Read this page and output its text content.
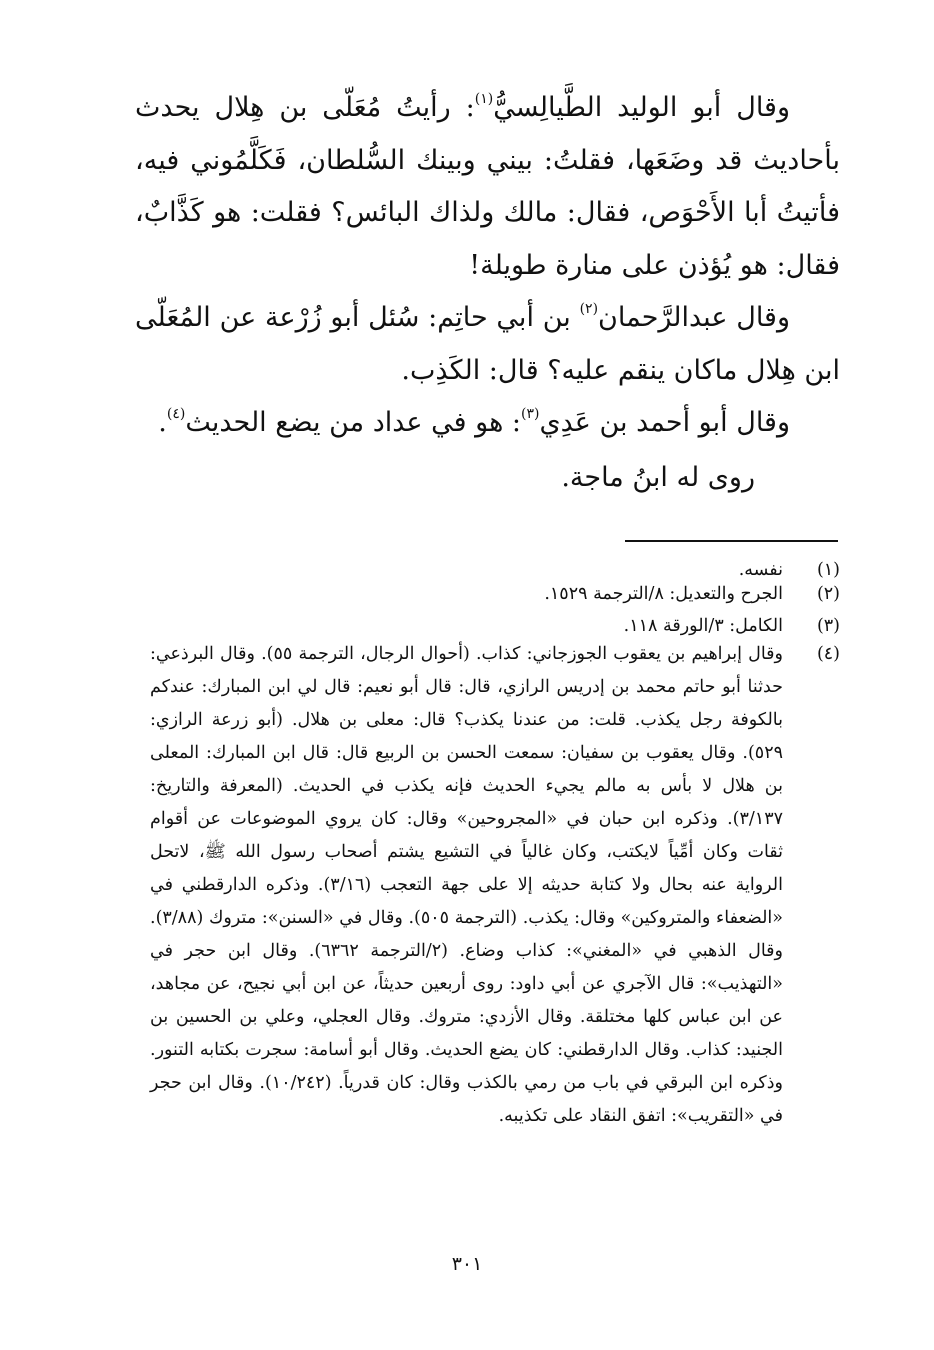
وقال أبو الوليد الطَّيالِسيُّ$^{(١)}$: رأيتُ مُعَلّى بن هِلال يحدث بأحاديث قد وضَعَها، فقلتُ: بيني وبينك السُّلطان، فَكَلَّمُوني فيه، فأتيتُ أبا الأَحْوَص، فقال: مالك ولذاك البائس؟ فقلت: هو كَذَّابٌ، فقال: هو يُؤذن على منارة طويلة!

وقال عبدالرَّحمان$^{(٢)}$ بن أبي حاتِم: سُئل أبو زُرْعة عن المُعَلّى ابن هِلال ماكان ينقم عليه؟ قال: الكَذِب.

وقال أبو أحمد بن عَدِي$^{(٣)}$: هو في عداد من يضع الحديث$^{(٤)}$.

روى له ابنُ ماجة.

(١)
نفسه.
(٢)
الجرح والتعديل: ٨/الترجمة ١٥٢٩.
(٣)
الكامل: ٣/الورقة ١١٨.
(٤)
وقال إبراهيم بن يعقوب الجوزجاني: كذاب. (أحوال الرجال، الترجمة ٥٥). وقال البرذعي: حدثنا أبو حاتم محمد بن إدريس الرازي، قال: قال أبو نعيم: قال لي ابن المبارك: عندكم بالكوفة رجل يكذب. قلت: من عندنا يكذب؟ قال: معلى بن هلال. (أبو زرعة الرازي: ٥٢٩). وقال يعقوب بن سفيان: سمعت الحسن بن الربيع قال: قال ابن المبارك: المعلى بن هلال لا بأس به مالم يجيء الحديث فإنه يكذب في الحديث. (المعرفة والتاريخ: ٣/١٣٧). وذكره ابن حبان في «المجروحين» وقال: كان يروي الموضوعات عن أقوام ثقات وكان أمِّياً لايكتب، وكان غالياً في التشيع يشتم أصحاب رسول الله ﷺ، لاتحل الرواية عنه بحال ولا كتابة حديثه إلا على جهة التعجب (٣/١٦). وذكره الدارقطني في «الضعفاء والمتروكين» وقال: يكذب. (الترجمة ٥٠٥). وقال في «السنن»: متروك (٣/٨٨). وقال الذهبي في «المغني»: كذاب وضاع. (٢/الترجمة ٦٣٦٢). وقال ابن حجر في «التهذيب»: قال الآجري عن أبي داود: روى أربعين حديثاً، عن ابن أبي نجيح، عن مجاهد، عن ابن عباس كلها مختلقة. وقال الأزدي: متروك. وقال العجلي، وعلي بن الحسين بن الجنيد: كذاب. وقال الدارقطني: كان يضع الحديث. وقال أبو أسامة: سجرت بكتابه التنور. وذكره ابن البرقي في باب من رمي بالكذب وقال: كان قدرياً. (١٠/٢٤٢). وقال ابن حجر في «التقريب»: اتفق النقاد على تكذيبه.
٣٠١
